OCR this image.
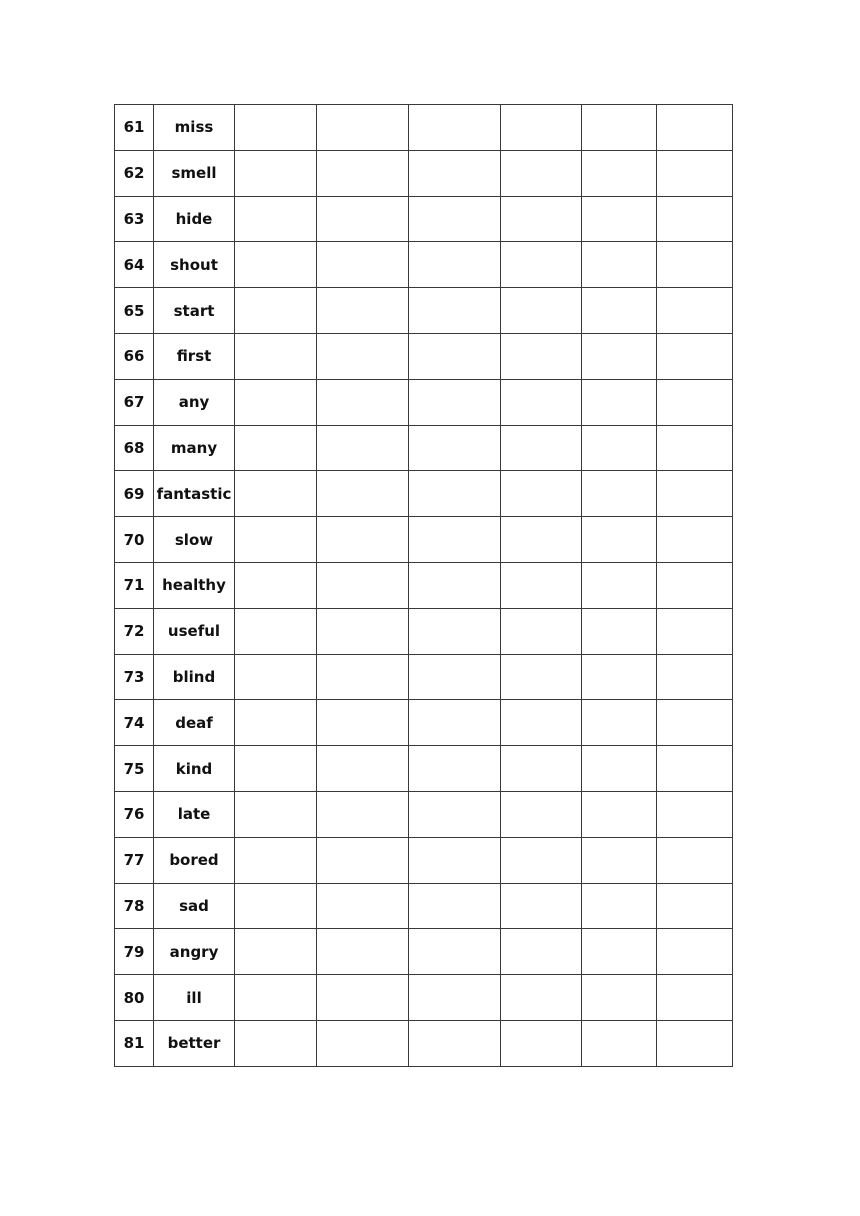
61	miss						
62	smell						
63	hide						
64	shout						
65	start						
66	first						
67	any						
68	many						
69	fantastic						
70	slow						
71	healthy						
72	useful						
73	blind						
74	deaf						
75	kind						
76	late						
77	bored						
78	sad						
79	angry						
80	ill						
81	better						
